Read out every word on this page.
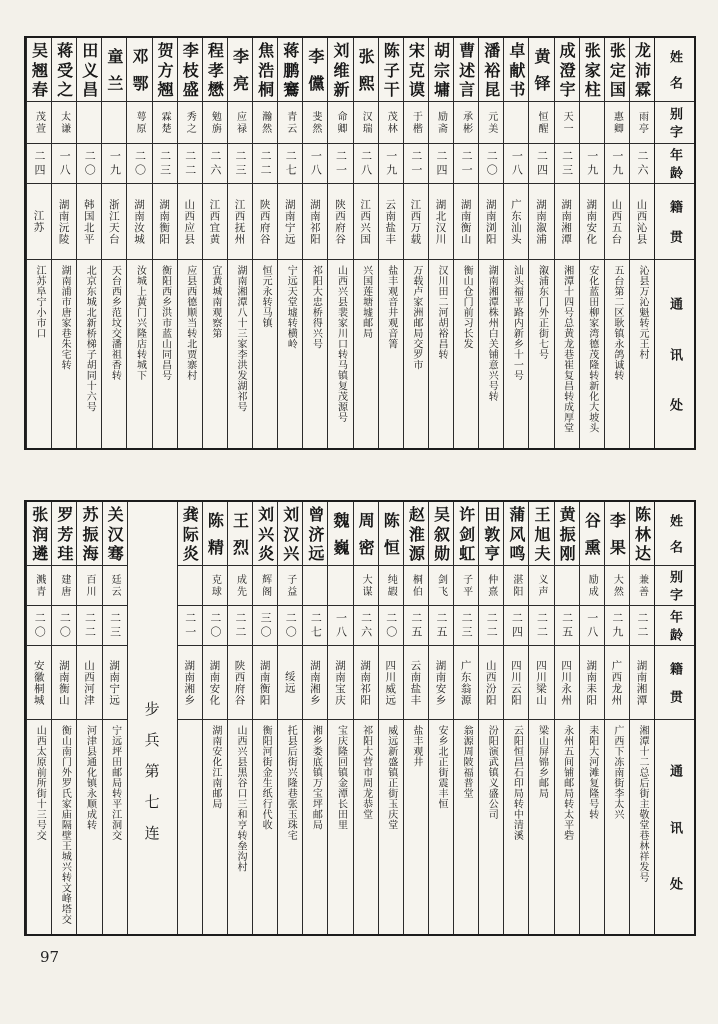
姓
名
别
字
年
龄
籍
贯
通
讯
处
龙
沛
霖
雨亭
二六
山西沁县
沁县万沁魁转元王村
张
定
国
惠卿
一九
山西五台
五台第二区耿镇永鸽诚转
张
家
柱
一九
湖南安化
安化蓝田柳家湾德茂隆转新化大坡头
成
澄
宇
天一
二三
湖南湘潭
湘潭十四号总黄龙巷崔复昌转成厚堂
黄
铎
恒醒
二四
湖南溆浦
溆浦东门外正街七号
卓
献
书
一八
广东汕头
汕头福平路内新乡十一号
潘
裕
昆
元美
二〇
湖南浏阳
湖南湘潭株州白关铺意兴号转
曹
述
言
承彬
二一
湖南衡山
衡山仓门前习长发
胡
宗
墉
励斋
二四
湖北汉川
汉川田二河胡裕昌转
宋
克
谟
于楷
二一
江西万载
万载卢家洲邮局交罗市
陈
子
干
茂林
一九
云南盐丰
盐丰观音井观音箐
张
熙
汉瑞
二八
江西兴国
兴国莲塘墟邮局
刘
维
新
命卿
二一
陕西府谷
山西兴县裴家川口转马镇复茂源号
李
儻
斐然
一八
湖南祁阳
祁阳大忠桥得兴号
蒋
鹏
鶱
青云
二七
湖南宁远
宁远天堂墟转横岭
焦
浩
桐
瀚然
二二
陕西府谷
恒元永转马镇
李
亮
应禄
二三
江西抚州
湖南湘潭八十三家李洪发湖祁号
程
孝
懋
勉旃
二六
江西宜黄
宜黄城南观察第
李
枝
盛
秀之
二二
山西应县
应县西德顺当转北贾寨村
贺
方
翘
霖楚
二三
湖南衡阳
衡阳西乡洪市蓝山同昌号
邓
鄂
萼原
二〇
湖南汝城
汝城上黄门兴隆店转城下
童
兰
一九
浙江天台
天台西乡范坟交潘祖香转
田
义
昌
二〇
韩国北平
北京东城北新桥梯子胡同十六号
蒋
受
之
太谦
一八
湖南沅陵
湖南浦市唐家巷朱宅转
吴
翘
春
茂萱
二四
江苏
江苏阜宁小市口
姓
名
别
字
年
龄
籍
贯
通
讯
处
陈
林
达
兼善
二二
湖南湘潭
湘潭十二总后街主敬堂巷林祥发号
李
果
大然
二九
广西龙州
广西下冻南街李太兴
谷
熏
励成
一八
湖南耒阳
耒阳大河滩复隆号转
黄
振
刚
二五
四川永州
永州五间铺邮局转太平砦
王
旭
夫
义声
二二
四川梁山
梁山屏锦乡邮局
蒲
风
鸣
湛阳
二四
四川云阳
云阳恒昌石印局转中清溪
田
敦
亨
仲熹
二二
山西汾阳
汾阳演武镇义盛公司
许
剑
虹
子平
二三
广东翁源
翁源周陂福普堂
吴
叙
勋
剑飞
二五
湖南安乡
安乡北正街震丰恒
赵
淮
源
桐伯
二五
云南盐丰
盐丰观井
陈
恒
纯嘏
二〇
四川威远
威远新盛镇正街玉庆堂
周
密
大谋
二六
湖南祁阳
祁阳大营市周龙恭堂
魏
巍
一八
湖南宝庆
宝庆隆回镇金潭长田里
曾
济
远
二七
湖南湘乡
湘乡娄底镇万宝坪邮局
刘
汉
兴
子益
二〇
绥远
托县后街兴隆巷张玉珠宅
刘
兴
炎
辉阁
三〇
湖南衡阳
衡阳河街金生纸行代收
王
烈
成先
二二
陕西府谷
山西兴县黑谷口三和亨转垒沟村
陈
精
克球
二〇
湖南安化
湖南安化江南邮局
龚
际
炎
二一
湖南湘乡
步兵第七连
关
汉
骞
廷云
二三
湖南宁远
宁远坪田邮局转平江洞交
苏
振
海
百川
二二
山西河津
河津县通化镇永顺成转
罗
芳
珪
建唐
二〇
湖南衡山
衡山南门外罗氏家庙隔壁王城兴转文峰塔交
张
润
遴
溅青
二〇
安徽桐城
山西太原前所街十三号交
97
